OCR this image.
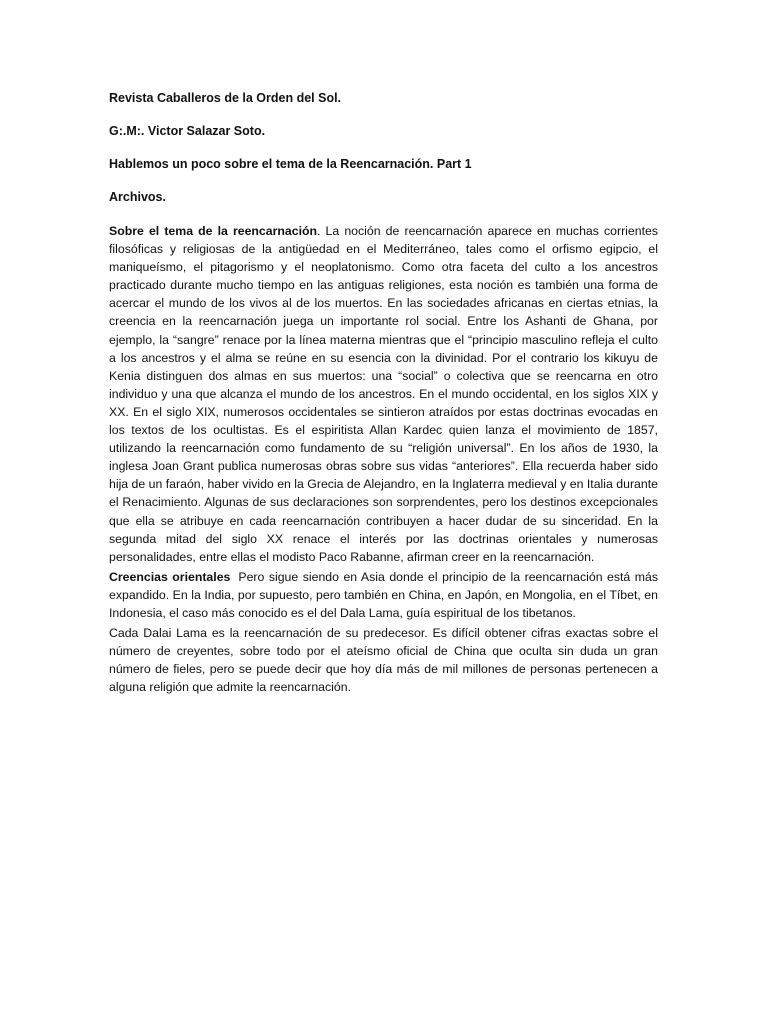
Revista Caballeros de la Orden del Sol.
G:.M:. Victor Salazar Soto.
Hablemos un poco sobre el tema de la Reencarnación. Part 1
Archivos.

Sobre el tema de la reencarnación. La noción de reencarnación aparece en muchas corrientes filosóficas y religiosas de la antigüedad en el Mediterráneo, tales como el orfismo egipcio, el maniqueísmo, el pitagorismo y el neoplatonismo. Como otra faceta del culto a los ancestros practicado durante mucho tiempo en las antiguas religiones, esta noción es también una forma de acercar el mundo de los vivos al de los muertos. En las sociedades africanas en ciertas etnias, la creencia en la reencarnación juega un importante rol social. Entre los Ashanti de Ghana, por ejemplo, la “sangre” renace por la línea materna mientras que el “principio masculino refleja el culto a los ancestros y el alma se reúne en su esencia con la divinidad. Por el contrario los kikuyu de Kenia distinguen dos almas en sus muertos: una “social” o colectiva que se reencarna en otro individuo y una que alcanza el mundo de los ancestros. En el mundo occidental, en los siglos XIX y XX. En el siglo XIX, numerosos occidentales se sintieron atraídos por estas doctrinas evocadas en los textos de los ocultistas. Es el espiritista Allan Kardec quien lanza el movimiento de 1857, utilizando la reencarnación como fundamento de su “religión universal”. En los años de 1930, la inglesa Joan Grant publica numerosas obras sobre sus vidas “anteriores”. Ella recuerda haber sido hija de un faraón, haber vivido en la Grecia de Alejandro, en la Inglaterra medieval y en Italia durante el Renacimiento. Algunas de sus declaraciones son sorprendentes, pero los destinos excepcionales que ella se atribuye en cada reencarnación contribuyen a hacer dudar de su sinceridad. En la segunda mitad del siglo XX renace el interés por las doctrinas orientales y numerosas personalidades, entre ellas el modisto Paco Rabanne, afirman creer en la reencarnación.

Creencias orientales Pero sigue siendo en Asia donde el principio de la reencarnación está más expandido. En la India, por supuesto, pero también en China, en Japón, en Mongolia, en el Tíbet, en Indonesia, el caso más conocido es el del Dala Lama, guía espiritual de los tibetanos.

Cada Dalai Lama es la reencarnación de su predecesor. Es difícil obtener cifras exactas sobre el número de creyentes, sobre todo por el ateísmo oficial de China que oculta sin duda un gran número de fieles, pero se puede decir que hoy día más de mil millones de personas pertenecen a alguna religión que admite la reencarnación.
